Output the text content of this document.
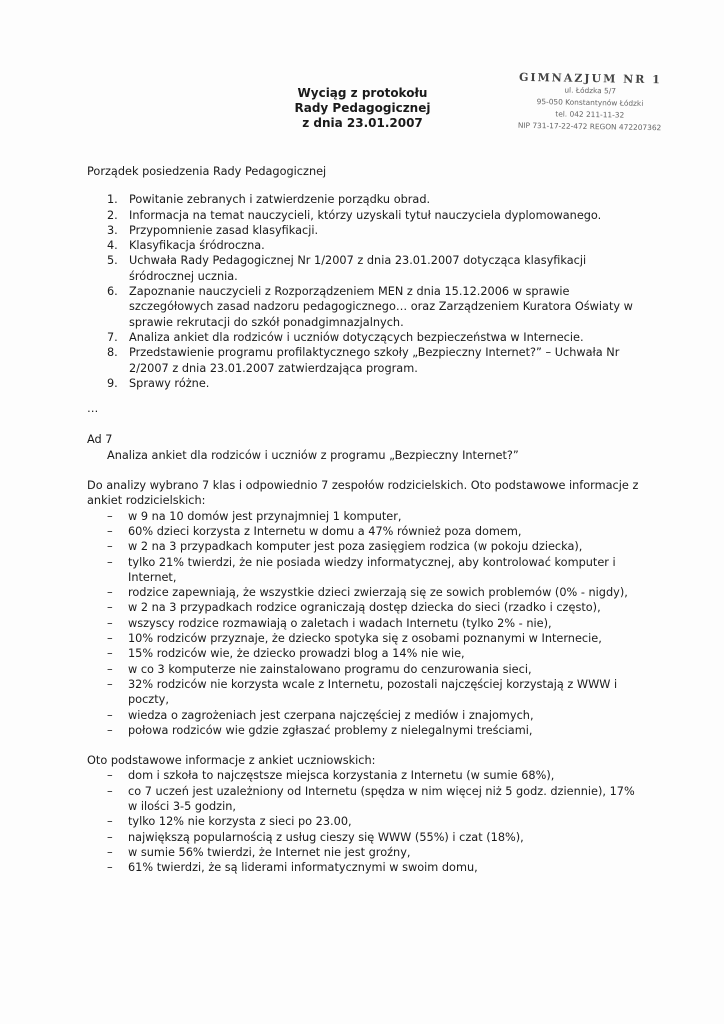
GIMNAZJUM NR 1
ul. Łódzka 5/7
95-050 Konstantynów Łódzki
tel. 042 211-11-32
NIP 731-17-22-472 REGON 472207362
Wyciąg z protokołu
Rady Pedagogicznej
z dnia 23.01.2007

Porządek posiedzenia Rady Pedagogicznej

1. Powitanie zebranych i zatwierdzenie porządku obrad.
2. Informacja na temat nauczycieli, którzy uzyskali tytuł nauczyciela dyplomowanego.
3. Przypomnienie zasad klasyfikacji.
4. Klasyfikacja śródroczna.
5. Uchwała Rady Pedagogicznej Nr 1/2007 z dnia 23.01.2007 dotycząca klasyfikacji śródrocznej ucznia.
6. Zapoznanie nauczycieli z Rozporządzeniem MEN z dnia 15.12.2006 w sprawie szczegółowych zasad nadzoru pedagogicznego… oraz Zarządzeniem Kuratora Oświaty w sprawie rekrutacji do szkół ponadgimnazjalnych.
7. Analiza ankiet dla rodziców i uczniów dotyczących bezpieczeństwa w Internecie.
8. Przedstawienie programu profilaktycznego szkoły „Bezpieczny Internet?” – Uchwała Nr 2/2007 z dnia 23.01.2007 zatwierdzająca program.
9. Sprawy różne.

…

Ad 7

Analiza ankiet dla rodziców i uczniów z programu „Bezpieczny Internet?”

Do analizy wybrano 7 klas i odpowiednio 7 zespołów rodzicielskich. Oto podstawowe informacje z ankiet rodzicielskich:

– w 9 na 10 domów jest przynajmniej 1 komputer,
– 60% dzieci korzysta z Internetu w domu a 47% również poza domem,
– w 2 na 3 przypadkach komputer jest poza zasięgiem rodzica (w pokoju dziecka),
– tylko 21% twierdzi, że nie posiada wiedzy informatycznej, aby kontrolować komputer i Internet,
– rodzice zapewniają, że wszystkie dzieci zwierzają się ze sowich problemów (0% - nigdy),
– w 2 na 3 przypadkach rodzice ograniczają dostęp dziecka do sieci (rzadko i często),
– wszyscy rodzice rozmawiają o zaletach i wadach Internetu (tylko 2% - nie),
– 10% rodziców przyznaje, że dziecko spotyka się z osobami poznanymi w Internecie,
– 15% rodziców wie, że dziecko prowadzi blog a 14% nie wie,
– w co 3 komputerze nie zainstalowano programu do cenzurowania sieci,
– 32% rodziców nie korzysta wcale z Internetu, pozostali najczęściej korzystają z WWW i poczty,
– wiedza o zagrożeniach jest czerpana najczęściej z mediów i znajomych,
– połowa rodziców wie gdzie zgłaszać problemy z nielegalnymi treściami,

Oto podstawowe informacje z ankiet uczniowskich:

– dom i szkoła to najczęstsze miejsca korzystania z Internetu (w sumie 68%),
– co 7 uczeń jest uzależniony od Internetu (spędza w nim więcej niż 5 godz. dziennie), 17% w ilości 3-5 godzin,
– tylko 12% nie korzysta z sieci po 23.00,
– największą popularnością z usług cieszy się WWW (55%) i czat (18%),
– w sumie 56% twierdzi, że Internet nie jest groźny,
– 61% twierdzi, że są liderami informatycznymi w swoim domu,
